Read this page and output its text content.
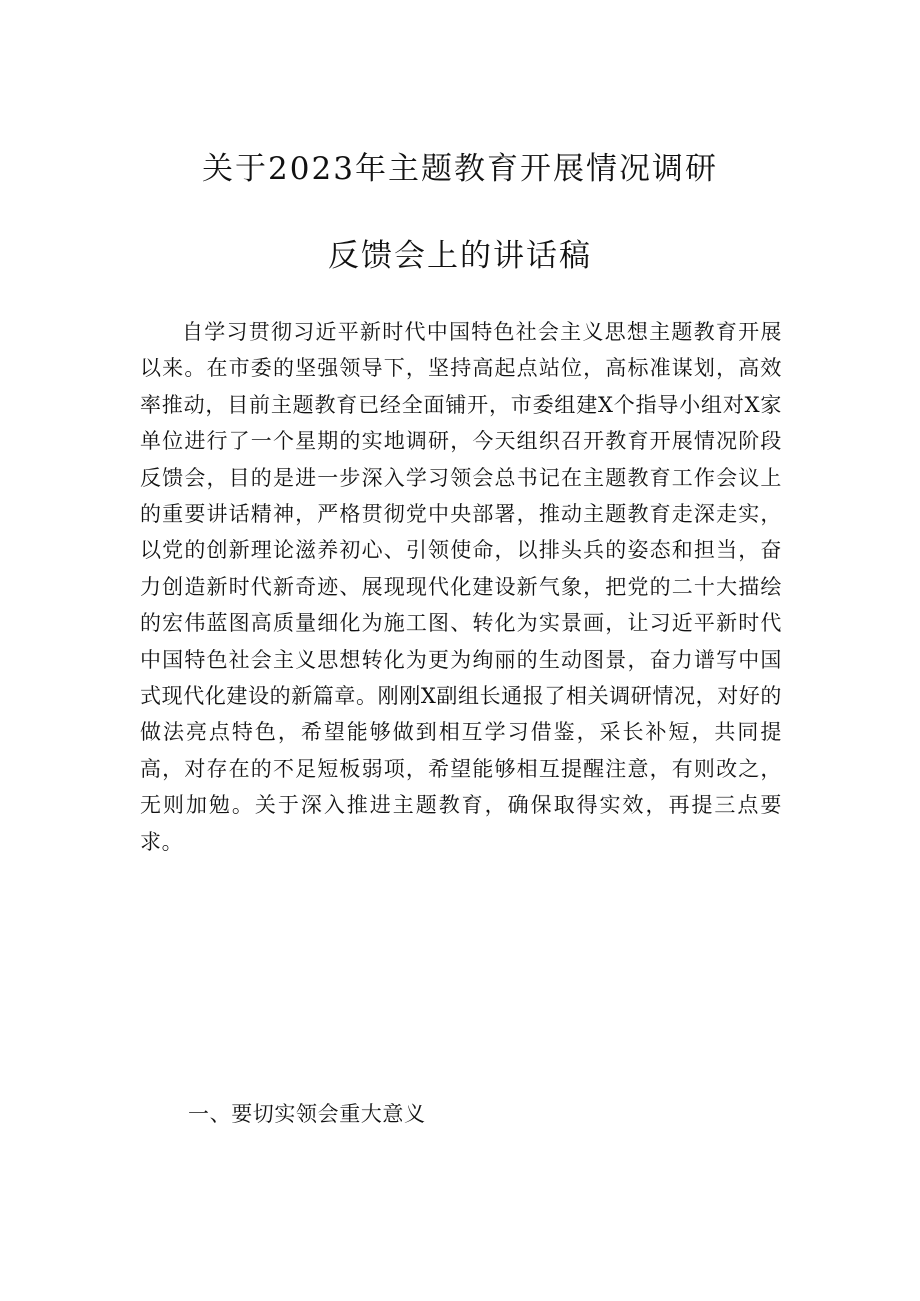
关于2023年主题教育开展情况调研
反馈会上的讲话稿

自学习贯彻习近平新时代中国特色社会主义思想主题教育开展以来。在市委的坚强领导下，坚持高起点站位，高标准谋划，高效率推动，目前主题教育已经全面铺开，市委组建X个指导小组对X家单位进行了一个星期的实地调研，今天组织召开教育开展情况阶段反馈会，目的是进一步深入学习领会总书记在主题教育工作会议上的重要讲话精神，严格贯彻党中央部署，推动主题教育走深走实，以党的创新理论滋养初心、引领使命，以排头兵的姿态和担当，奋力创造新时代新奇迹、展现现代化建设新气象，把党的二十大描绘的宏伟蓝图高质量细化为施工图、转化为实景画，让习近平新时代中国特色社会主义思想转化为更为绚丽的生动图景，奋力谱写中国式现代化建设的新篇章。刚刚X副组长通报了相关调研情况，对好的做法亮点特色，希望能够做到相互学习借鉴，采长补短，共同提高，对存在的不足短板弱项，希望能够相互提醒注意，有则改之，无则加勉。关于深入推进主题教育，确保取得实效，再提三点要求。

一、要切实领会重大意义
